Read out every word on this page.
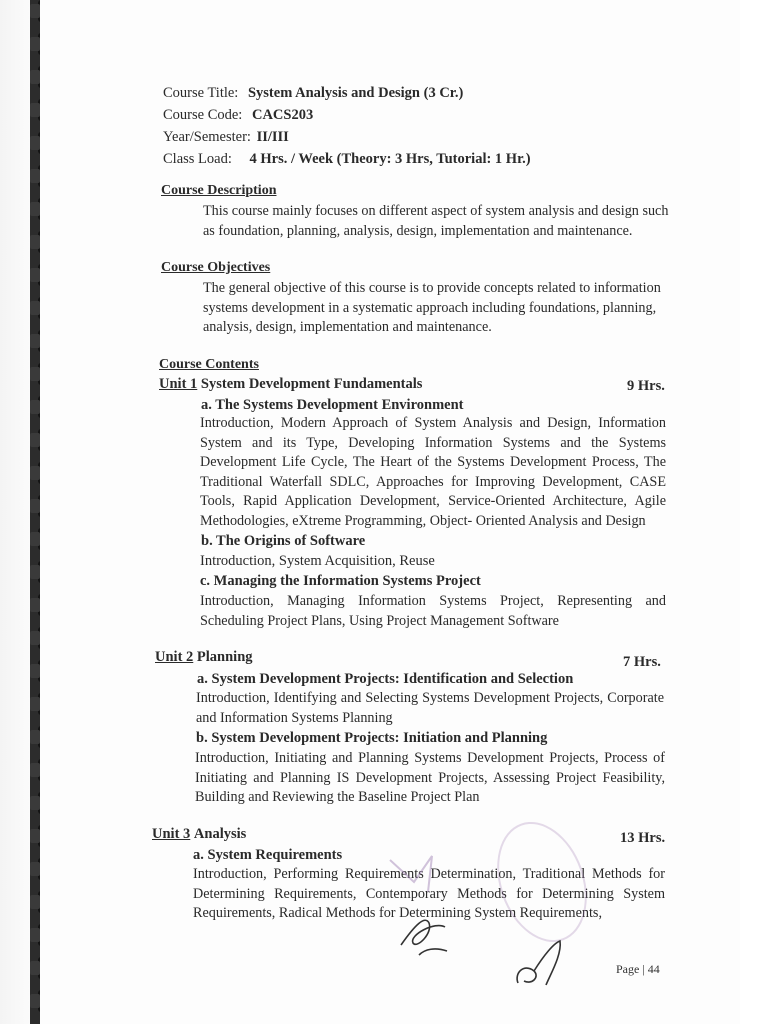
Course Title: System Analysis and Design (3 Cr.)
Course Code: CACS203
Year/Semester: II/III
Class Load: 4 Hrs. / Week (Theory: 3 Hrs, Tutorial: 1 Hr.)
Course Description
This course mainly focuses on different aspect of system analysis and design such as foundation, planning, analysis, design, implementation and maintenance.
Course Objectives
The general objective of this course is to provide concepts related to information systems development in a systematic approach including foundations, planning, analysis, design, implementation and maintenance.
Course Contents
Unit 1 System Development Fundamentals	9 Hrs.
a. The Systems Development Environment
Introduction, Modern Approach of System Analysis and Design, Information System and its Type, Developing Information Systems and the Systems Development Life Cycle, The Heart of the Systems Development Process, The Traditional Waterfall SDLC, Approaches for Improving Development, CASE Tools, Rapid Application Development, Service-Oriented Architecture, Agile Methodologies, eXtreme Programming, Object- Oriented Analysis and Design
b. The Origins of Software
Introduction, System Acquisition, Reuse
c. Managing the Information Systems Project
Introduction, Managing Information Systems Project, Representing and Scheduling Project Plans, Using Project Management Software
Unit 2 Planning	7 Hrs.
a. System Development Projects: Identification and Selection
Introduction, Identifying and Selecting Systems Development Projects, Corporate and Information Systems Planning
b. System Development Projects: Initiation and Planning
Introduction, Initiating and Planning Systems Development Projects, Process of Initiating and Planning IS Development Projects, Assessing Project Feasibility, Building and Reviewing the Baseline Project Plan
Unit 3 Analysis	13 Hrs.
a. System Requirements
Introduction, Performing Requirements Determination, Traditional Methods for Determining Requirements, Contemporary Methods for Determining System Requirements, Radical Methods for Determining System Requirements,
Page | 44
